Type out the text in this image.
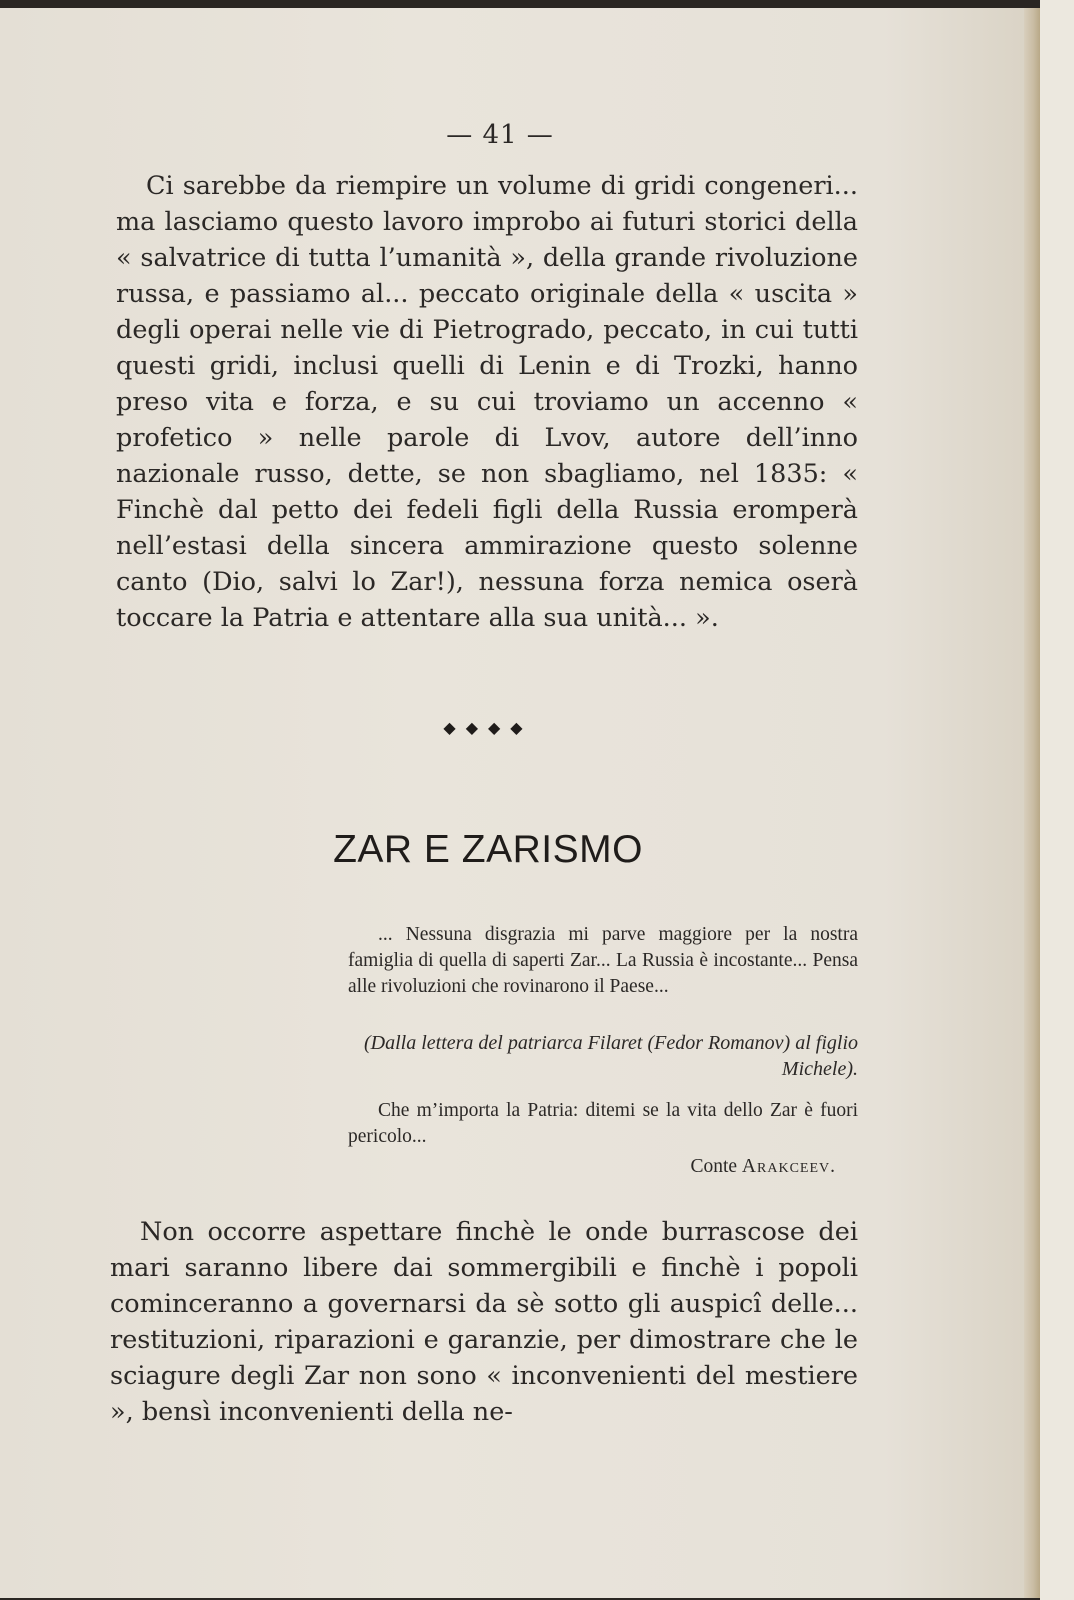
— 41 —
Ci sarebbe da riempire un volume di gridi congeneri... ma lasciamo questo lavoro improbo ai futuri storici della « salvatrice di tutta l’umanità », della grande rivoluzione russa, e passiamo al... peccato originale della « uscita » degli operai nelle vie di Pietrogrado, peccato, in cui tutti questi gridi, inclusi quelli di Lenin e di Trozki, hanno preso vita e forza, e su cui troviamo un accenno « profetico » nelle parole di Lvov, autore dell’inno nazionale russo, dette, se non sbagliamo, nel 1835: « Finchè dal petto dei fedeli figli della Russia eromperà nell’estasi della sincera ammirazione questo solenne canto (Dio, salvi lo Zar!), nessuna forza nemica oserà toccare la Patria e attentare alla sua unità... ».
◆◆◆◆
ZAR E ZARISMO
... Nessuna disgrazia mi parve maggiore per la nostra famiglia di quella di saperti Zar... La Russia è incostante... Pensa alle rivoluzioni che rovinarono il Paese...
(Dalla lettera del patriarca Filaret (Fedor Romanov) al figlio Michele).
Che m’importa la Patria: ditemi se la vita dello Zar è fuori pericolo...
Conte Arakceev.
Non occorre aspettare finchè le onde burrascose dei mari saranno libere dai sommergibili e finchè i popoli cominceranno a governarsi da sè sotto gli auspicî delle... restituzioni, riparazioni e garanzie, per dimostrare che le sciagure degli Zar non sono « inconvenienti del mestiere », bensì inconvenienti della ne-
